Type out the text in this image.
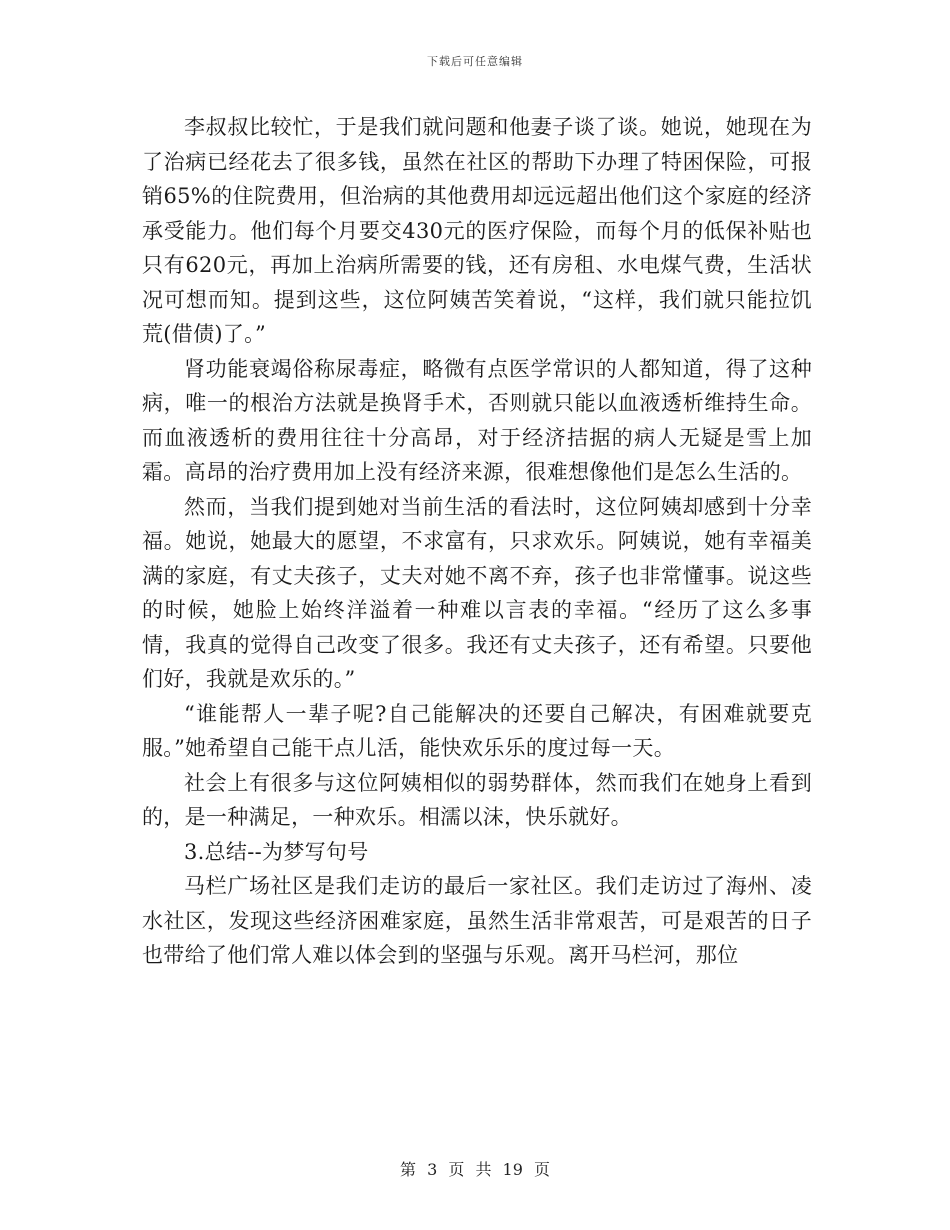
下载后可任意编辑

李叔叔比较忙，于是我们就问题和他妻子谈了谈。她说，她现在为了治病已经花去了很多钱，虽然在社区的帮助下办理了特困保险，可报销65%的住院费用，但治病的其他费用却远远超出他们这个家庭的经济承受能力。他们每个月要交430元的医疗保险，而每个月的低保补贴也只有620元，再加上治病所需要的钱，还有房租、水电煤气费，生活状况可想而知。提到这些，这位阿姨苦笑着说，“这样，我们就只能拉饥荒(借债)了。”

肾功能衰竭俗称尿毒症，略微有点医学常识的人都知道，得了这种病，唯一的根治方法就是换肾手术，否则就只能以血液透析维持生命。而血液透析的费用往往十分高昂，对于经济拮据的病人无疑是雪上加霜。高昂的治疗费用加上没有经济来源，很难想像他们是怎么生活的。

然而，当我们提到她对当前生活的看法时，这位阿姨却感到十分幸福。她说，她最大的愿望，不求富有，只求欢乐。阿姨说，她有幸福美满的家庭，有丈夫孩子，丈夫对她不离不弃，孩子也非常懂事。说这些的时候，她脸上始终洋溢着一种难以言表的幸福。“经历了这么多事情，我真的觉得自己改变了很多。我还有丈夫孩子，还有希望。只要他们好，我就是欢乐的。”

“谁能帮人一辈子呢?自己能解决的还要自己解决，有困难就要克服。”她希望自己能干点儿活，能快欢乐乐的度过每一天。

社会上有很多与这位阿姨相似的弱势群体，然而我们在她身上看到的，是一种满足，一种欢乐。相濡以沫，快乐就好。

3.总结--为梦写句号

马栏广场社区是我们走访的最后一家社区。我们走访过了海州、凌水社区，发现这些经济困难家庭，虽然生活非常艰苦，可是艰苦的日子也带给了他们常人难以体会到的坚强与乐观。离开马栏河，那位

第 3 页 共 19 页
